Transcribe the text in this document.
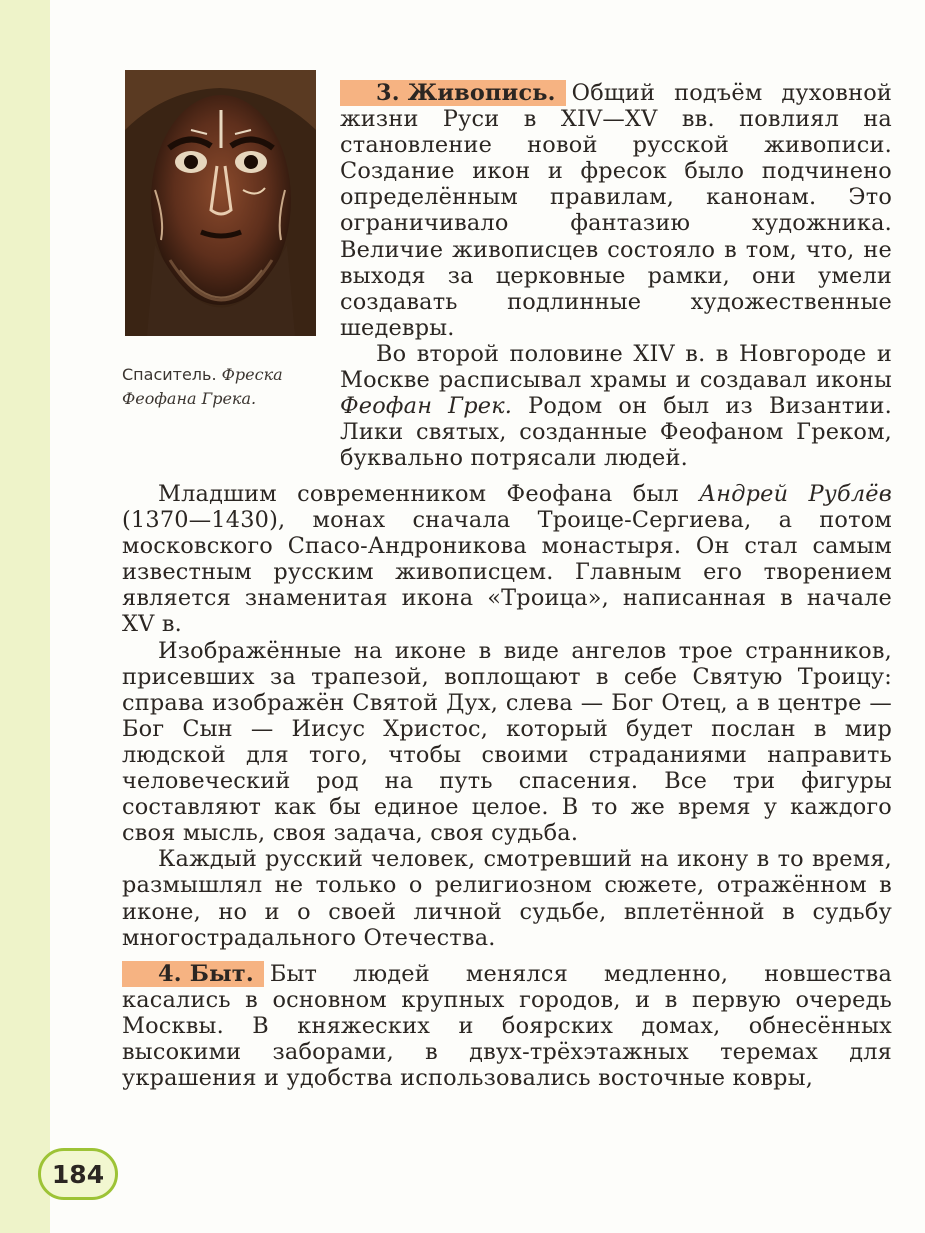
Спаситель. Фреска Феофана Грека.

3. Живопись. Общий подъём духовной жизни Руси в XIV—XV вв. повлиял на становление новой русской живописи. Создание икон и фресок было подчинено определённым правилам, канонам. Это ограничивало фантазию художника. Величие живописцев состояло в том, что, не выходя за церковные рамки, они умели создавать подлинные художественные шедевры.

Во второй половине XIV в. в Новгороде и Москве расписывал храмы и создавал иконы Феофан Грек. Родом он был из Византии. Лики святых, созданные Феофаном Греком, буквально потрясали людей.

Младшим современником Феофана был Андрей Рублёв (1370—1430), монах сначала Троице-Сергиева, а потом московского Спасо-Андроникова монастыря. Он стал самым известным русским живописцем. Главным его творением является знаменитая икона «Троица», написанная в начале XV в.

Изображённые на иконе в виде ангелов трое странников, присевших за трапезой, воплощают в себе Святую Троицу: справа изображён Святой Дух, слева — Бог Отец, а в центре — Бог Сын — Иисус Христос, который будет послан в мир людской для того, чтобы своими страданиями направить человеческий род на путь спасения. Все три фигуры составляют как бы единое целое. В то же время у каждого своя мысль, своя задача, своя судьба.

Каждый русский человек, смотревший на икону в то время, размышлял не только о религиозном сюжете, отражённом в иконе, но и о своей личной судьбе, вплетённой в судьбу многострадального Отечества.

4. Быт. Быт людей менялся медленно, новшества касались в основном крупных городов, и в первую очередь Москвы. В княжеских и боярских домах, обнесённых высокими заборами, в двух-трёхэтажных теремах для украшения и удобства использовались восточные ковры,

184
